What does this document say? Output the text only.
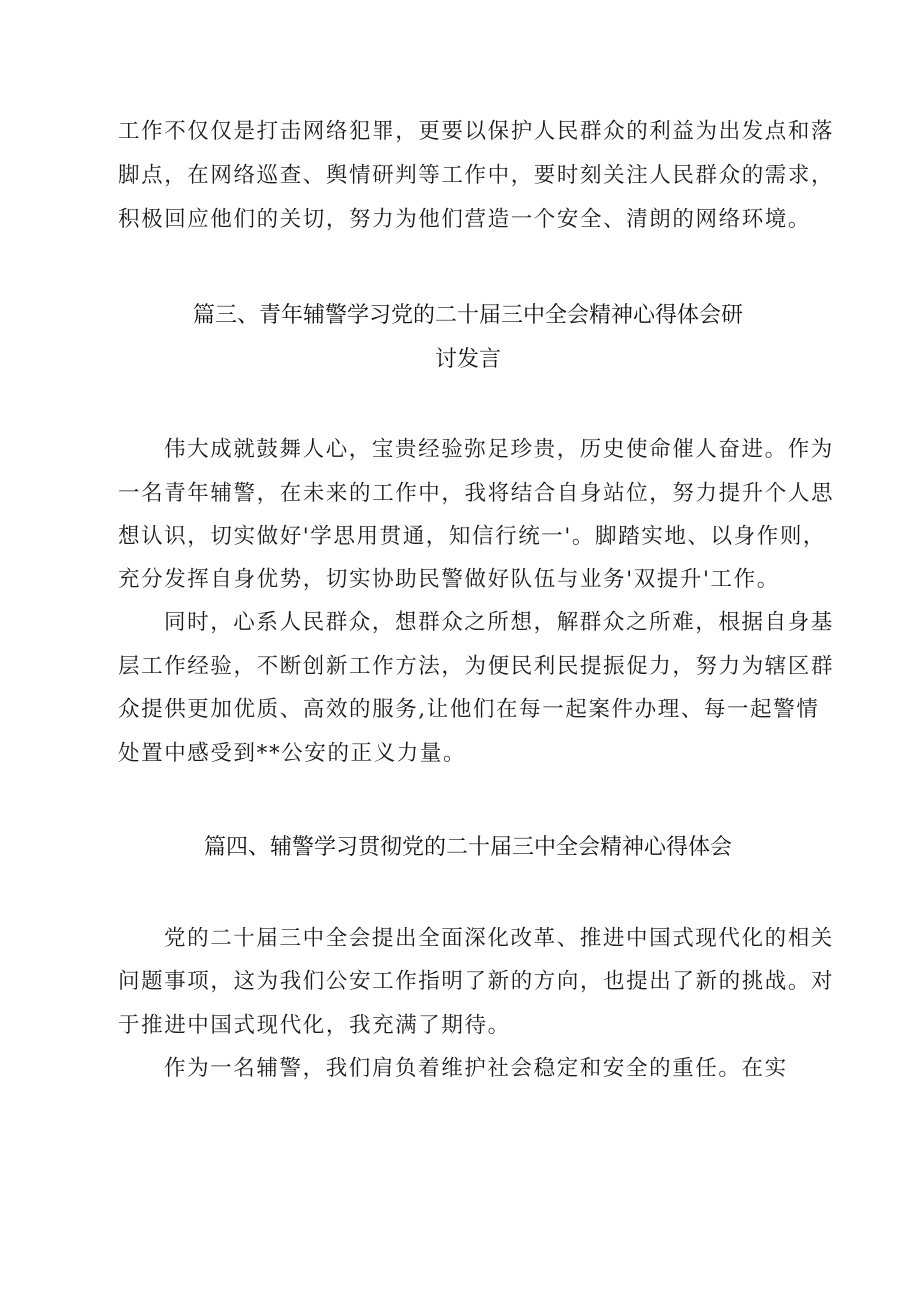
工作不仅仅是打击网络犯罪，更要以保护人民群众的利益为出发点和落
脚点，在网络巡查、舆情研判等工作中，要时刻关注人民群众的需求，
积极回应他们的关切，努力为他们营造一个安全、清朗的网络环境。
篇三、青年辅警学习党的二十届三中全会精神心得体会研
讨发言
伟大成就鼓舞人心，宝贵经验弥足珍贵，历史使命催人奋进。作为
一名青年辅警，在未来的工作中，我将结合自身站位，努力提升个人思
想认识，切实做好'学思用贯通，知信行统一'。脚踏实地、以身作则，
充分发挥自身优势，切实协助民警做好队伍与业务'双提升'工作。
同时，心系人民群众，想群众之所想，解群众之所难，根据自身基
层工作经验，不断创新工作方法，为便民利民提振促力，努力为辖区群
众提供更加优质、高效的服务,让他们在每一起案件办理、每一起警情
处置中感受到**公安的正义力量。
篇四、辅警学习贯彻党的二十届三中全会精神心得体会
党的二十届三中全会提出全面深化改革、推进中国式现代化的相关
问题事项，这为我们公安工作指明了新的方向，也提出了新的挑战。对
于推进中国式现代化，我充满了期待。
作为一名辅警，我们肩负着维护社会稳定和安全的重任。在实
